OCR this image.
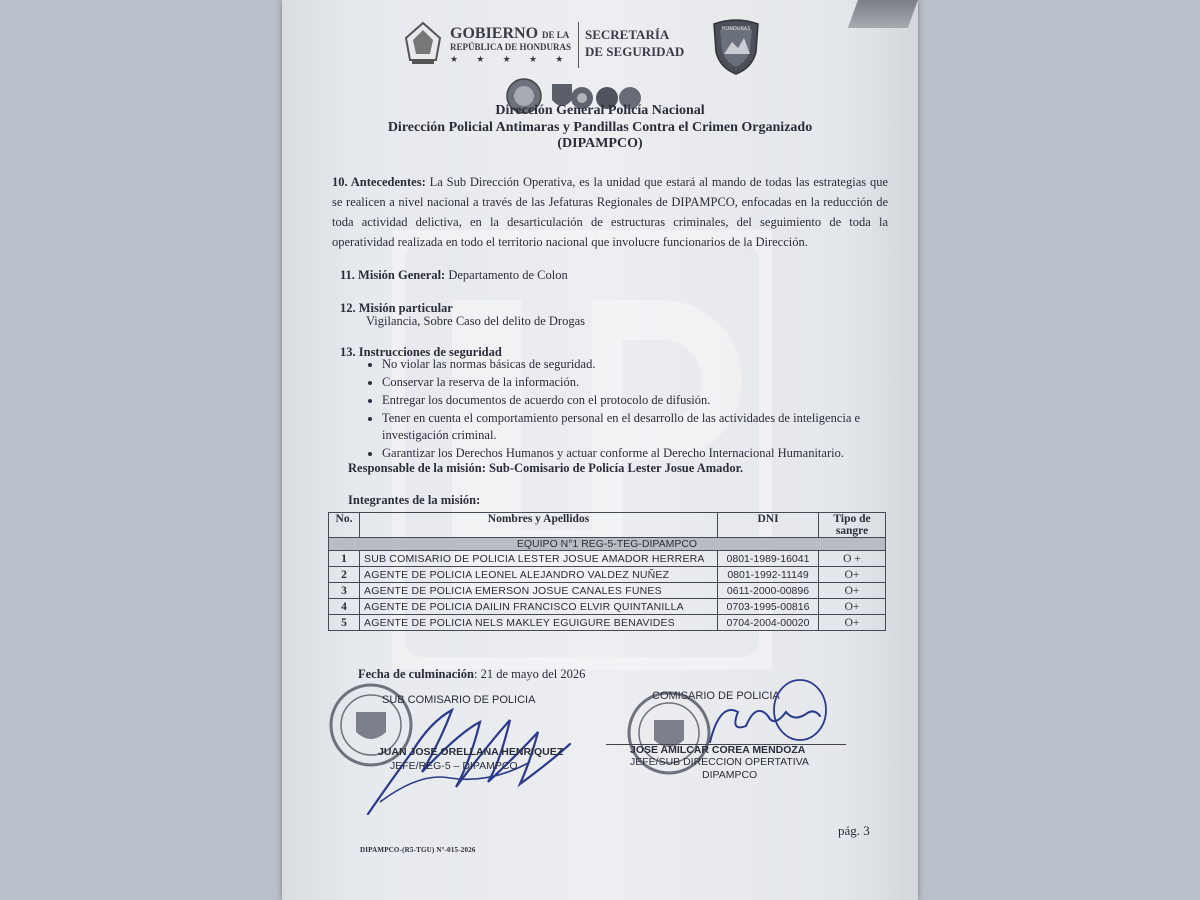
GOBIERNO DE LA
REPÚBLICA DE HONDURAS
★ ★ ★ ★ ★
SECRETARÍA
DE SEGURIDAD
HONDURAS
Dirección General Policía Nacional
Dirección Policial Antimaras y Pandillas Contra el Crimen Organizado
(DIPAMPCO)
10. Antecedentes: La Sub Dirección Operativa, es la unidad que estará al mando de todas las estrategias que se realicen a nivel nacional a través de las Jefaturas Regionales de DIPAMPCO, enfocadas en la reducción de toda actividad delictiva, en la desarticulación de estructuras criminales, del seguimiento de toda la operatividad realizada en todo el territorio nacional que involucre funcionarios de la Dirección.
11. Misión General: Departamento de Colon
12. Misión particular
Vigilancia, Sobre Caso del delito de Drogas
13. Instrucciones de seguridad
• No violar las normas básicas de seguridad.
• Conservar la reserva de la información.
• Entregar los documentos de acuerdo con el protocolo de difusión.
• Tener en cuenta el comportamiento personal en el desarrollo de las actividades de inteligencia e investigación criminal.
• Garantizar los Derechos Humanos y actuar conforme al Derecho Internacional Humanitario.
Responsable de la misión: Sub-Comisario de Policía Lester Josue Amador.
Integrantes de la misión:
No.	Nombres y Apellidos	DNI	Tipo de sangre
EQUIPO N°1 REG-5-TEG-DIPAMPCO			
1	SUB COMISARIO DE POLICIA LESTER JOSUE AMADOR HERRERA	0801-1989-16041	O +
2	AGENTE DE POLICIA LEONEL ALEJANDRO VALDEZ NUÑEZ	0801-1992-11149	O+
3	AGENTE DE POLICIA EMERSON JOSUE CANALES FUNES	0611-2000-00896	O+
4	AGENTE DE POLICIA DAILIN FRANCISCO ELVIR QUINTANILLA	0703-1995-00816	O+
5	AGENTE DE POLICIA NELS MAKLEY EGUIGURE BENAVIDES	0704-2004-00020	O+
Fecha de culminación: 21 de mayo del 2026
SUB COMISARIO DE POLICIA
JUAN JOSE ORELLANA HENRIQUEZ
JEFE/REG-5 – DIPAMPCO
COMISARIO DE POLICIA
JOSE AMILCAR COREA MENDOZA
JEFE/SUB DIRECCION OPERTATIVA
DIPAMPCO
pág. 3
DIPAMPCO-(R5-TGU) N°-015-2026
